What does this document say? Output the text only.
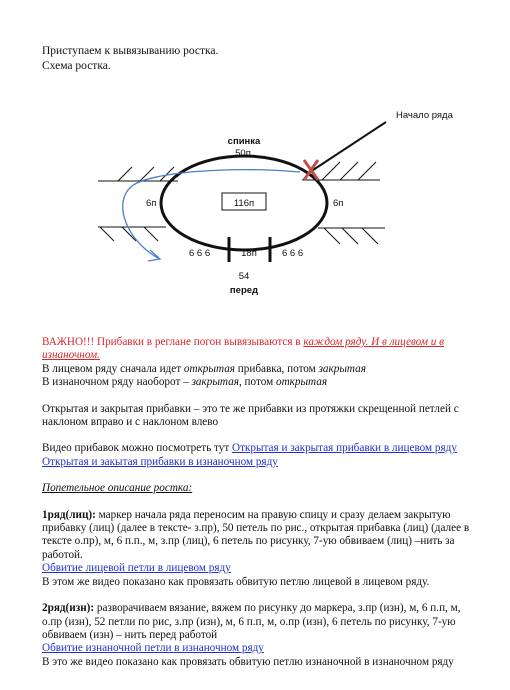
Приступаем к вывязыванию ростка.
Схема ростка.
Начало ряда
спинка
50п
116п
6п	6п
6 6 6	18п	6 6 6
54
перед

ВАЖНО!!! Прибавки в реглане погон вывязываются в каждом ряду. И в лицевом и в изнаночном.

В лицевом ряду сначала идет открытая прибавка, потом закрытая

В изнаночном ряду наоборот – закрытая, потом открытая

Открытая и закрытая прибавки – это те же прибавки из протяжки скрещенной петлей с наклоном вправо и с наклоном влево

Видео прибавок можно посмотреть тут Открытая и закрытая прибавки в лицевом ряду

Открытая и закытая прибавки в изнаночном ряду

Попетельное описание ростка:

1ряд(лиц): маркер начала ряда переносим на правую спицу и сразу делаем закрытую прибавку (лиц) (далее в тексте- з.пр), 50 петель по рис., открытая прибавка (лиц) (далее в тексте о.пр), м, 6 п.п., м, з.пр (лиц), 6 петель по рисунку, 7-ую обвиваем (лиц) –нить за работой.

Обвитие лицевой петли в лицевом ряду

В этом же видео показано как провязать обвитую петлю лицевой в лицевом ряду.

2ряд(изн): разворачиваем вязание, вяжем по рисунку до маркера, з.пр (изн), м, 6 п.п, м, о.пр (изн), 52 петли по рис, з.пр (изн), м, 6 п.п, м, о.пр (изн), 6 петель по рисунку, 7-ую обвиваем (изн) – нить перед работой

Обвитие изнаночной петли в изнаночном ряду

В это же видео показано как провязать обвитую петлю изнаночной в изнаночном ряду
